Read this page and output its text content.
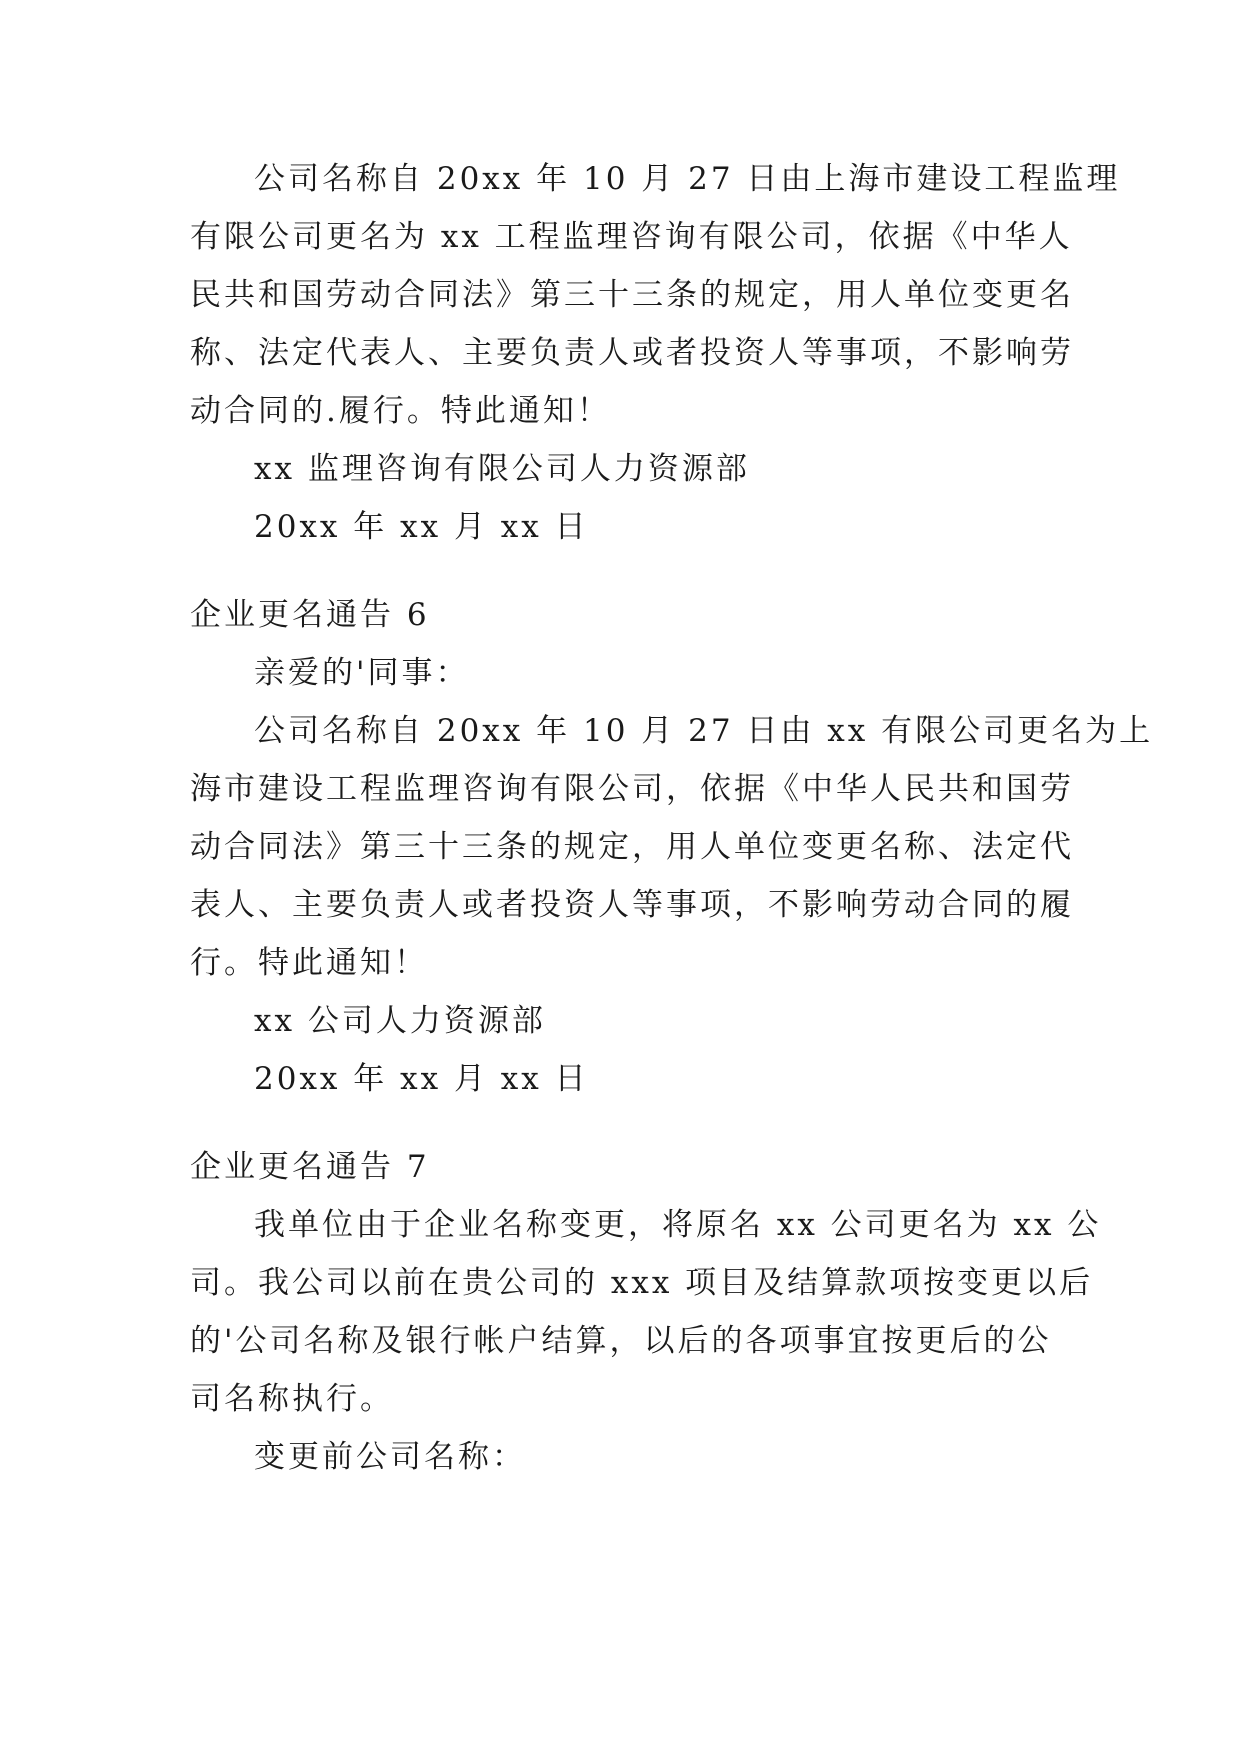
公司名称自 20xx 年 10 月 27 日由上海市建设工程监理
有限公司更名为 xx 工程监理咨询有限公司，依据《中华人
民共和国劳动合同法》第三十三条的规定，用人单位变更名
称、法定代表人、主要负责人或者投资人等事项，不影响劳
动合同的.履行。特此通知！
xx 监理咨询有限公司人力资源部
20xx 年 xx 月 xx 日
企业更名通告 6
亲爱的'同事：
公司名称自 20xx 年 10 月 27 日由 xx 有限公司更名为上
海市建设工程监理咨询有限公司，依据《中华人民共和国劳
动合同法》第三十三条的规定，用人单位变更名称、法定代
表人、主要负责人或者投资人等事项，不影响劳动合同的履
行。特此通知！
xx 公司人力资源部
20xx 年 xx 月 xx 日
企业更名通告 7
我单位由于企业名称变更，将原名 xx 公司更名为 xx 公
司。我公司以前在贵公司的 xxx 项目及结算款项按变更以后
的'公司名称及银行帐户结算，以后的各项事宜按更后的公
司名称执行。
变更前公司名称：
